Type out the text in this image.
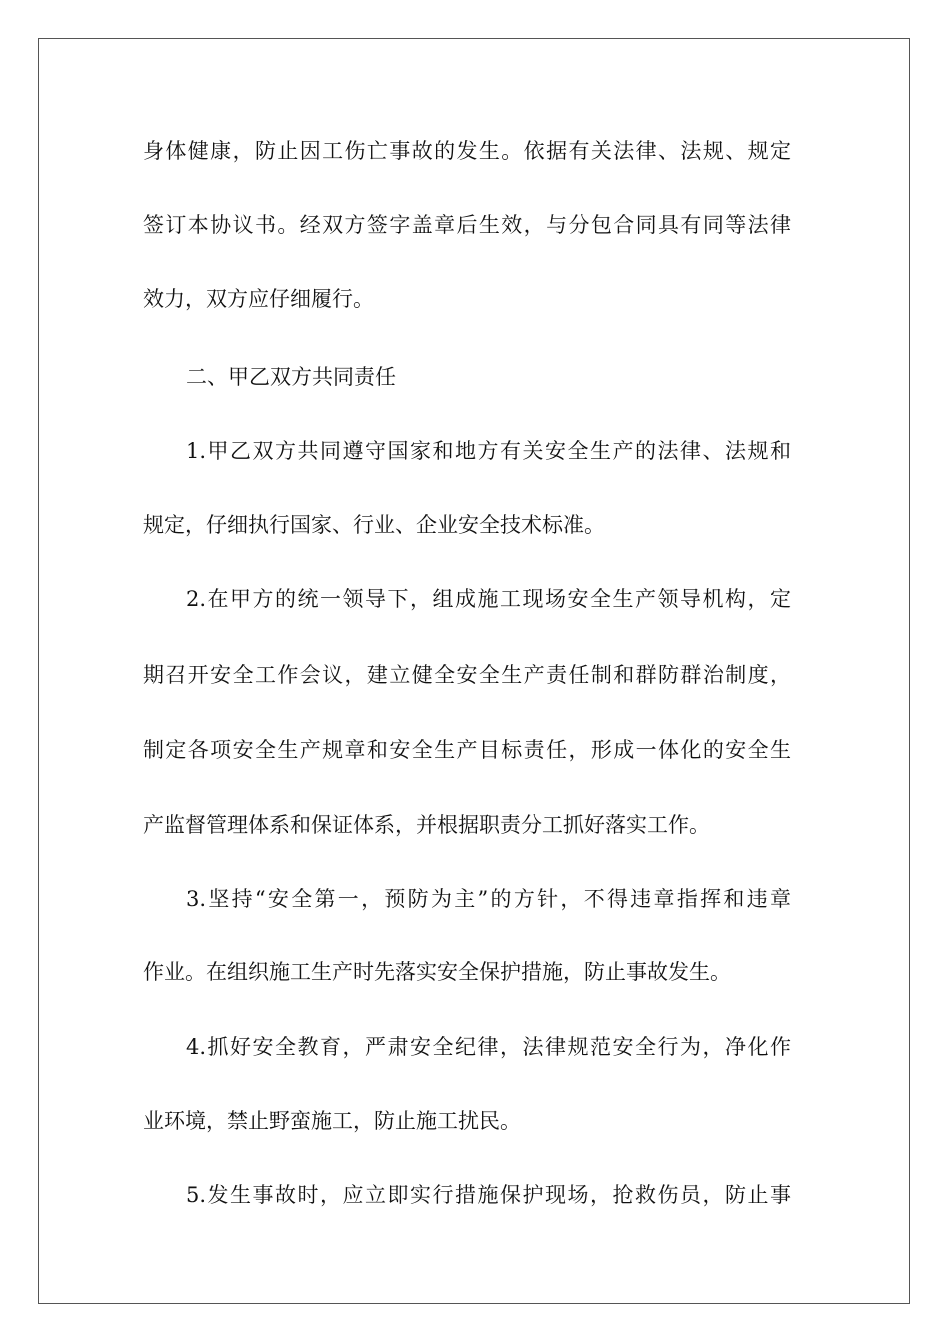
身体健康，防止因工伤亡事故的发生。依据有关法律、法规、规定
签订本协议书。经双方签字盖章后生效，与分包合同具有同等法律
效力，双方应仔细履行。
二、甲乙双方共同责任
1.甲乙双方共同遵守国家和地方有关安全生产的法律、法规和
规定，仔细执行国家、行业、企业安全技术标准。
2.在甲方的统一领导下，组成施工现场安全生产领导机构，定
期召开安全工作会议，建立健全安全生产责任制和群防群治制度，
制定各项安全生产规章和安全生产目标责任，形成一体化的安全生
产监督管理体系和保证体系，并根据职责分工抓好落实工作。
3.坚持“安全第一，预防为主”的方针，不得违章指挥和违章
作业。在组织施工生产时先落实安全保护措施，防止事故发生。
4.抓好安全教育，严肃安全纪律，法律规范安全行为，净化作
业环境，禁止野蛮施工，防止施工扰民。
5.发生事故时，应立即实行措施保护现场，抢救伤员，防止事
